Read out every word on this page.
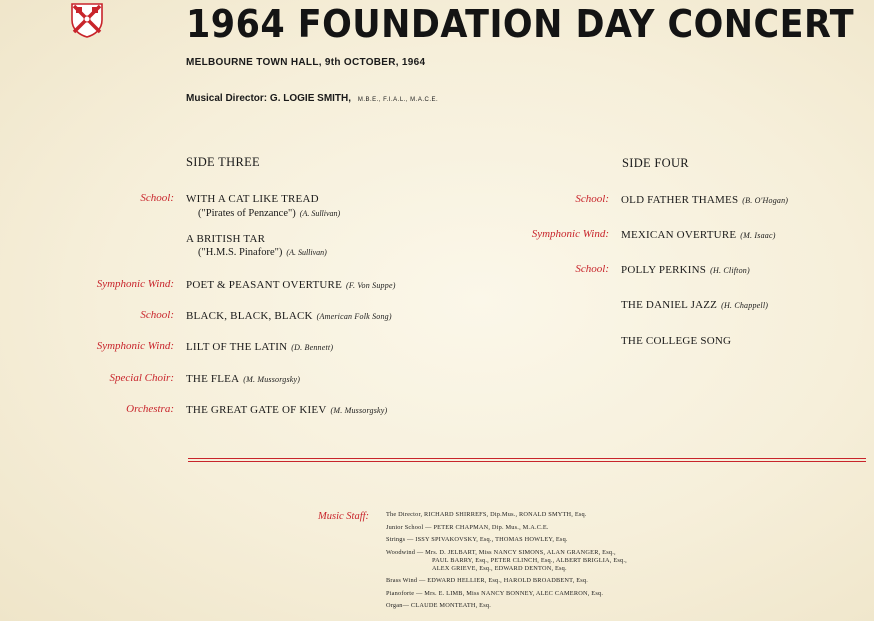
1964 FOUNDATION DAY CONCERT
MELBOURNE TOWN HALL, 9th OCTOBER, 1964
Musical Director: G. LOGIE SMITH, M.B.E., F.I.A.L., M.A.C.E.
SIDE THREE
School: WITH A CAT LIKE TREAD
("Pirates of Penzance") (A. Sullivan)
A BRITISH TAR
("H.M.S. Pinafore") (A. Sullivan)
Symphonic Wind: POET & PEASANT OVERTURE (F. Von Suppe)
School: BLACK, BLACK, BLACK (American Folk Song)
Symphonic Wind: LILT OF THE LATIN (D. Bennett)
Special Choir: THE FLEA (M. Mussorgsky)
Orchestra: THE GREAT GATE OF KIEV (M. Mussorgsky)
SIDE FOUR
School: OLD FATHER THAMES (B. O'Hogan)
Symphonic Wind: MEXICAN OVERTURE (M. Isaac)
School: POLLY PERKINS (H. Clifton)
THE DANIEL JAZZ (H. Chappell)
THE COLLEGE SONG
Music Staff:	The Director, RICHARD SHIRREFS, Dip.Mus., RONALD SMYTH, Esq.
Junior School — PETER CHAPMAN, Dip. Mus., M.A.C.E.
Strings — ISSY SPIVAKOVSKY, Esq., THOMAS HOWLEY, Esq.
Woodwind — Mrs. D. JELBART, Miss NANCY SIMONS, ALAN GRANGER, Esq.,
PAUL BARRY, Esq., PETER CLINCH, Esq., ALBERT BRIGLIA, Esq.,
ALEX GRIEVE, Esq., EDWARD DENTON, Esq.
Brass Wind — EDWARD HELLIER, Esq., HAROLD BROADBENT, Esq.
Pianoforte — Mrs. E. LIMB, Miss NANCY BONNEY, ALEC CAMERON, Esq.
Organ— CLAUDE MONTEATH, Esq.
